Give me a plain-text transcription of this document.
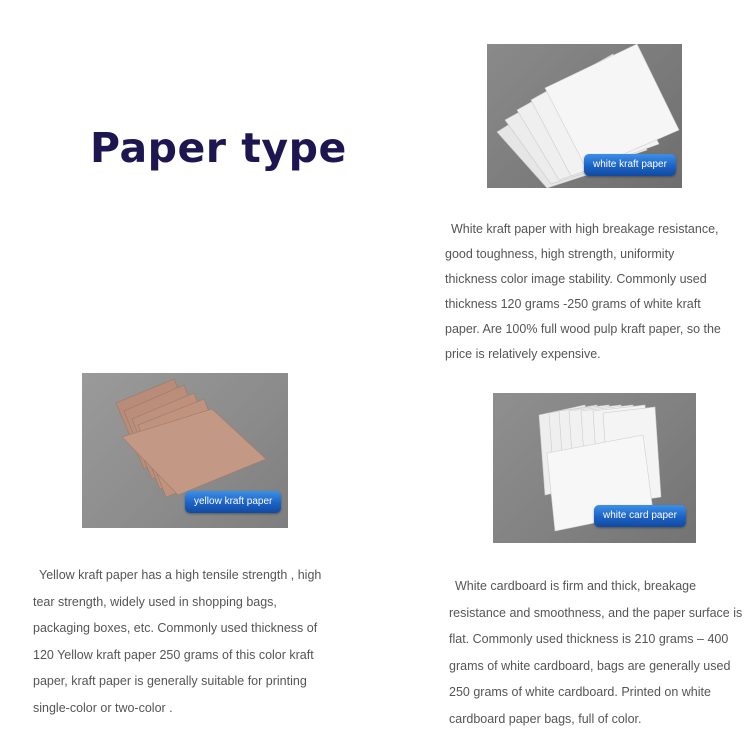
Paper type	white kraft paper

White kraft paper with high breakage resistance, good toughness, high strength, uniformity thickness color image stability. Commonly used thickness 120 grams -250 grams of white kraft paper. Are 100% full wood pulp kraft paper, so the price is relatively expensive.

yellow kraft paper

Yellow kraft paper has a high tensile strength , high tear strength, widely used in shopping bags, packaging boxes, etc. Commonly used thickness of 120 Yellow kraft paper 250 grams of this color kraft paper, kraft paper is generally suitable for printing single-color or two-color .

white card paper

White cardboard is firm and thick, breakage resistance and smoothness, and the paper surface is flat. Commonly used thickness is 210 grams – 400 grams of white cardboard, bags are generally used 250 grams of white cardboard. Printed on white cardboard paper bags, full of color.
